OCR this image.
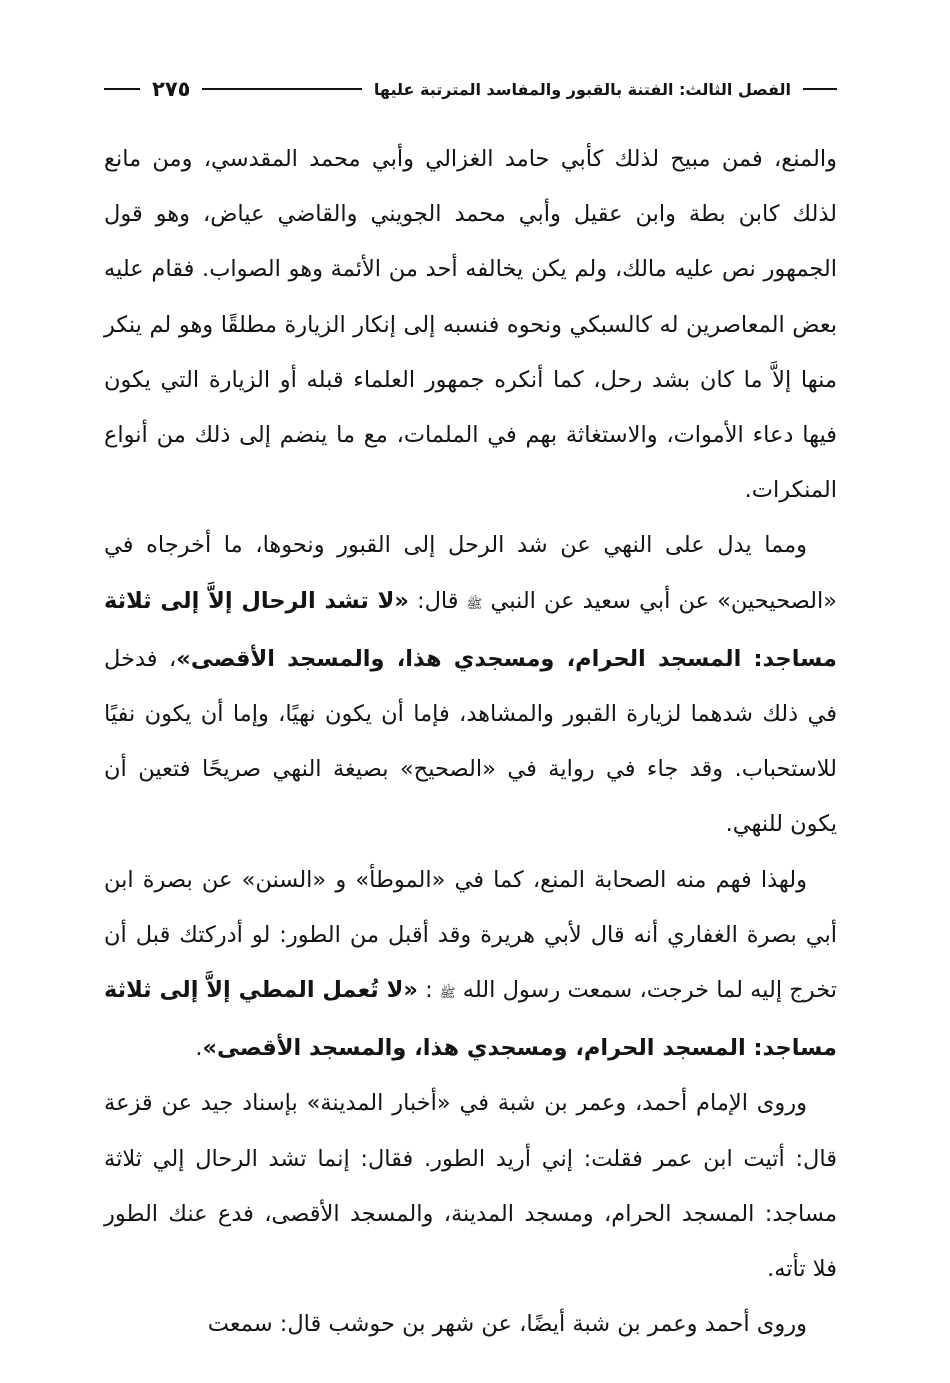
الفصل الثالث: الفتنة بالقبور والمفاسد المترتبة عليها
٢٧٥

والمنع، فمن مبيح لذلك كأبي حامد الغزالي وأبي محمد المقدسي، ومن مانع لذلك كابن بطة وابن عقيل وأبي محمد الجويني والقاضي عياض، وهو قول الجمهور نص عليه مالك، ولم يكن يخالفه أحد من الأئمة وهو الصواب. فقام عليه بعض المعاصرين له كالسبكي ونحوه فنسبه إلى إنكار الزيارة مطلقًا وهو لم ينكر منها إلاَّ ما كان بشد رحل، كما أنكره جمهور العلماء قبله أو الزيارة التي يكون فيها دعاء الأموات، والاستغاثة بهم في الملمات، مع ما ينضم إلى ذلك من أنواع المنكرات.

ومما يدل على النهي عن شد الرحل إلى القبور ونحوها، ما أخرجاه في «الصحيحين» عن أبي سعيد عن النبي ﷺ قال: «لا تشد الرحال إلاَّ إلى ثلاثة مساجد: المسجد الحرام، ومسجدي هذا، والمسجد الأقصى»، فدخل في ذلك شدهما لزيارة القبور والمشاهد، فإما أن يكون نهيًا، وإما أن يكون نفيًا للاستحباب. وقد جاء في رواية في «الصحيح» بصيغة النهي صريحًا فتعين أن يكون للنهي.

ولهذا فهم منه الصحابة المنع، كما في «الموطأ» و «السنن» عن بصرة ابن أبي بصرة الغفاري أنه قال لأبي هريرة وقد أقبل من الطور: لو أدركتك قبل أن تخرج إليه لما خرجت، سمعت رسول الله ﷺ : «لا تُعمل المطي إلاَّ إلى ثلاثة مساجد: المسجد الحرام، ومسجدي هذا، والمسجد الأقصى».

وروى الإمام أحمد، وعمر بن شبة في «أخبار المدينة» بإسناد جيد عن قزعة قال: أتيت ابن عمر فقلت: إني أريد الطور. فقال: إنما تشد الرحال إلي ثلاثة مساجد: المسجد الحرام، ومسجد المدينة، والمسجد الأقصى، فدع عنك الطور فلا تأته.

وروى أحمد وعمر بن شبة أيضًا، عن شهر بن حوشب قال: سمعت
